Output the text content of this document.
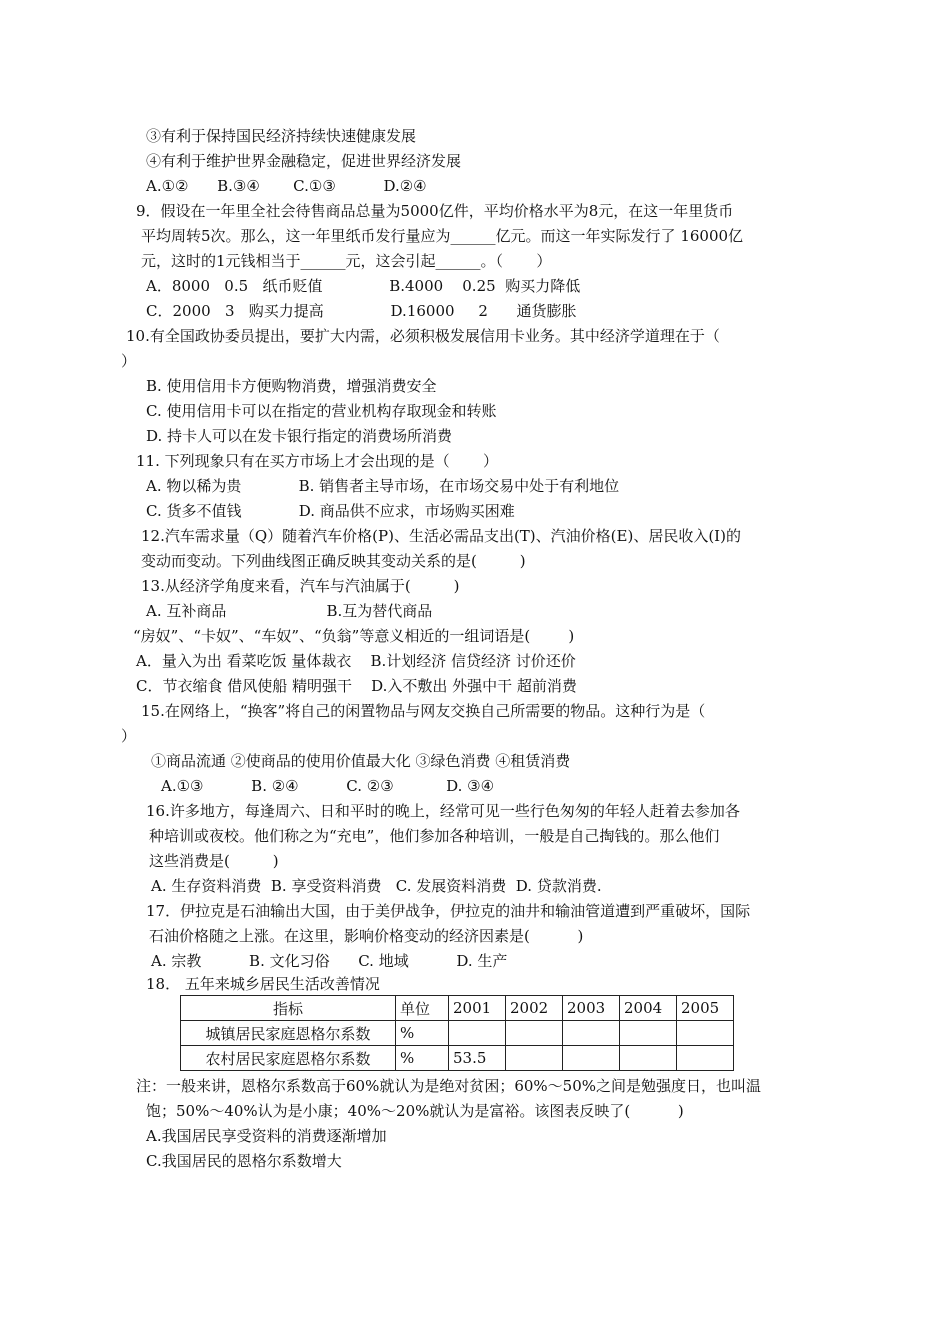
③有利于保持国民经济持续快速健康发展
④有利于维护世界金融稳定，促进世界经济发展
A.①②      B.③④       C.①③          D.②④
9．假设在一年里全社会待售商品总量为5000亿件，平均价格水平为8元，在这一年里货币
平均周转5次。那么，这一年里纸币发行量应为______亿元。而这一年实际发行了 16000亿
元，这时的1元钱相当于______元，这会引起______。（       ）
A．8000   0.5   纸币贬值              B.4000    0.25  购买力降低
C．2000   3   购买力提高              D.16000     2      通货膨胀
10.有全国政协委员提出，要扩大内需，必须积极发展信用卡业务。其中经济学道理在于（
）
B. 使用信用卡方便购物消费，增强消费安全
C. 使用信用卡可以在指定的营业机构存取现金和转账
D. 持卡人可以在发卡银行指定的消费场所消费
11. 下列现象只有在买方市场上才会出现的是（       ）
A. 物以稀为贵            B. 销售者主导市场，在市场交易中处于有利地位
C. 货多不值钱            D. 商品供不应求，市场购买困难
12.汽车需求量（Q）随着汽车价格(P)、生活必需品支出(T)、汽油价格(E)、居民收入(I)的
变动而变动。下列曲线图正确反映其变动关系的是(         )
13.从经济学角度来看，汽车与汽油属于(         )
A. 互补商品                     B.互为替代商品
“房奴”、“卡奴”、“车奴”、“负翁”等意义相近的一组词语是(        )
A．量入为出 看菜吃饭 量体裁衣    B.计划经济 信贷经济 讨价还价
C．节衣缩食 借风使船 精明强干    D.入不敷出 外强中干 超前消费
15.在网络上，“换客”将自己的闲置物品与网友交换自己所需要的物品。这种行为是（
）
①商品流通 ②使商品的使用价值最大化 ③绿色消费 ④租赁消费
A.①③          B. ②④          C. ②③           D. ③④
16.许多地方，每逢周六、日和平时的晚上，经常可见一些行色匆匆的年轻人赶着去参加各
种培训或夜校。他们称之为“充电”，他们参加各种培训，一般是自己掏钱的。那么他们
这些消费是(         )
A. 生存资料消费  B. 享受资料消费   C. 发展资料消费  D. 贷款消费.
17．伊拉克是石油输出大国，由于美伊战争，伊拉克的油井和输油管道遭到严重破坏，国际
石油价格随之上涨。在这里，影响价格变动的经济因素是(          )
A. 宗教          B. 文化习俗      C. 地域          D. 生产
18． 五年来城乡居民生活改善情况
指标	单位	2001	2002	2003	2004	2005
城镇居民家庭恩格尔系数	%					
农村居民家庭恩格尔系数	%	53.5				
注：一般来讲，恩格尔系数高于60%就认为是绝对贫困；60%～50%之间是勉强度日，也叫温
饱；50%～40%认为是小康；40%～20%就认为是富裕。该图表反映了(          )
A.我国居民享受资料的消费逐渐增加
C.我国居民的恩格尔系数增大
